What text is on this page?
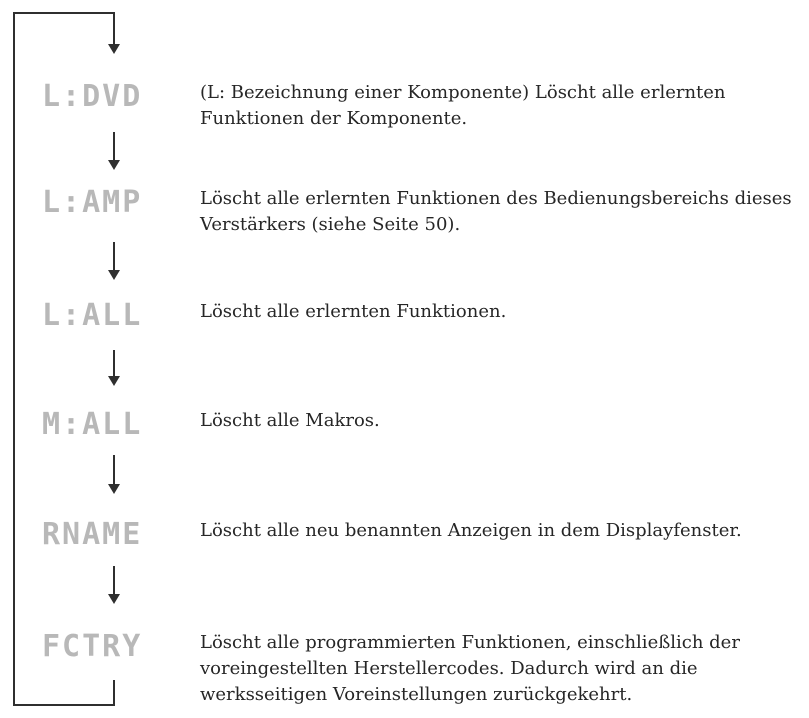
L:DVD	(L: Bezeichnung einer Komponente) Löscht alle erlernten Funktionen der Komponente.
L:AMP	Löscht alle erlernten Funktionen des Bedienungsbereichs dieses Verstärkers (siehe Seite 50).
L:ALL	Löscht alle erlernten Funktionen.
M:ALL	Löscht alle Makros.
RNAME	Löscht alle neu benannten Anzeigen in dem Displayfenster.
FCTRY	Löscht alle programmierten Funktionen, einschließlich der voreingestellten Herstellercodes. Dadurch wird an die werksseitigen Voreinstellungen zurückgekehrt.
